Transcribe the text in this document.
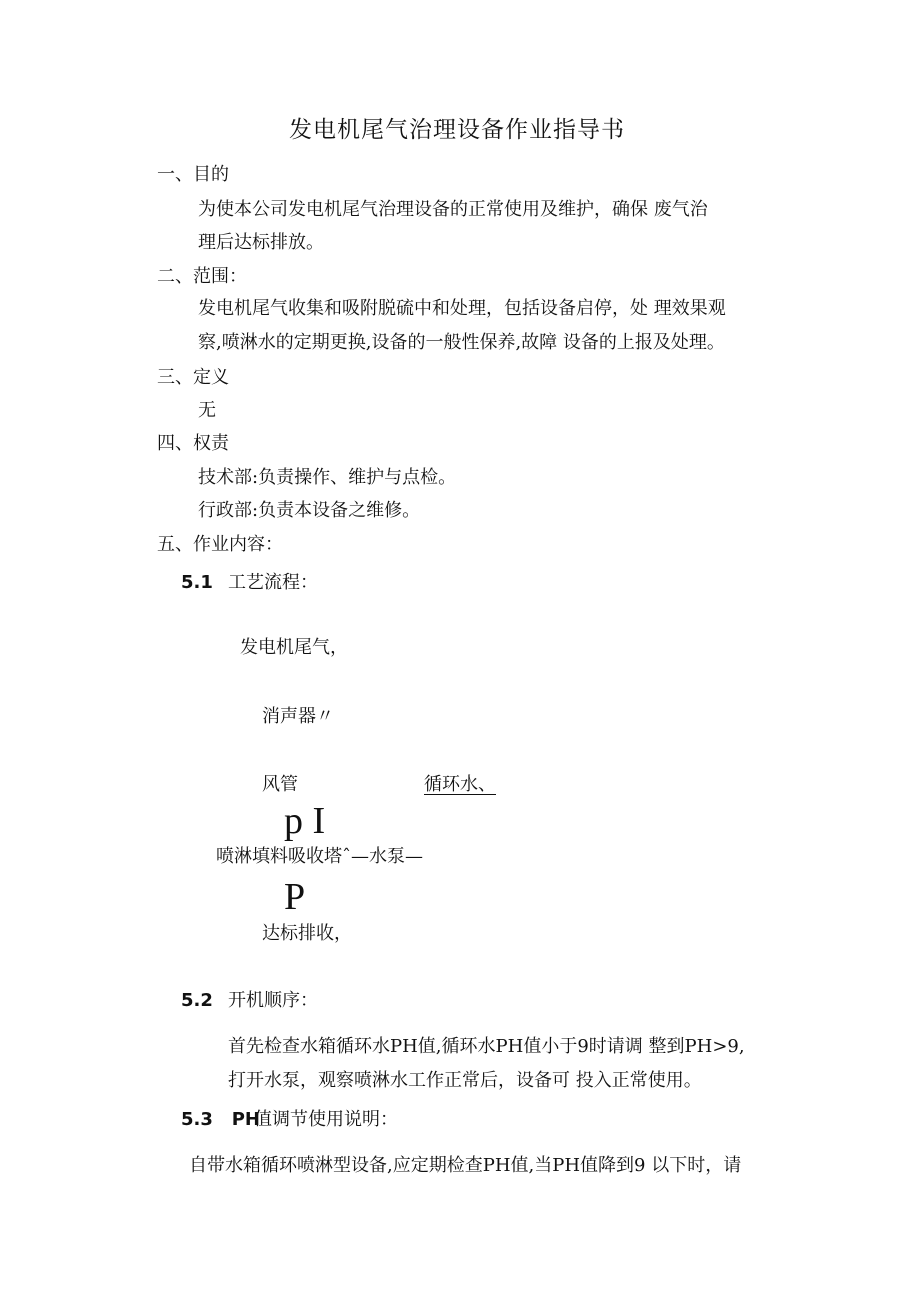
发电机尾气治理设备作业指导书
一、目的
为使本公司发电机尾气治理设备的正常使用及维护，确保 废气治
理后达标排放。
二、范围：
发电机尾气收集和吸附脱硫中和处理，包括设备启停，处 理效果观
察,喷淋水的定期更换,设备的一般性保养,故障 设备的上报及处理。
三、定义
无
四、权责
技术部:负责操作、维护与点检。
行政部:负责本设备之维修。
五、作业内容：
5.1 工艺流程：
发电机尾气，
消声器〃
风管	循环水、
p I
喷淋填料吸收塔ˆ—水泵—
P
达标排收，
5.2 开机顺序：
首先检查水箱循环水PH值,循环水PH值小于9时请调 整到PH>9,
打开水泵，观察喷淋水工作正常后，设备可 投入正常使用。
5.3 PH
值调节使用说明：
自带水箱循环喷淋型设备,应定期检查PH值,当PH值降到9 以下时，请
